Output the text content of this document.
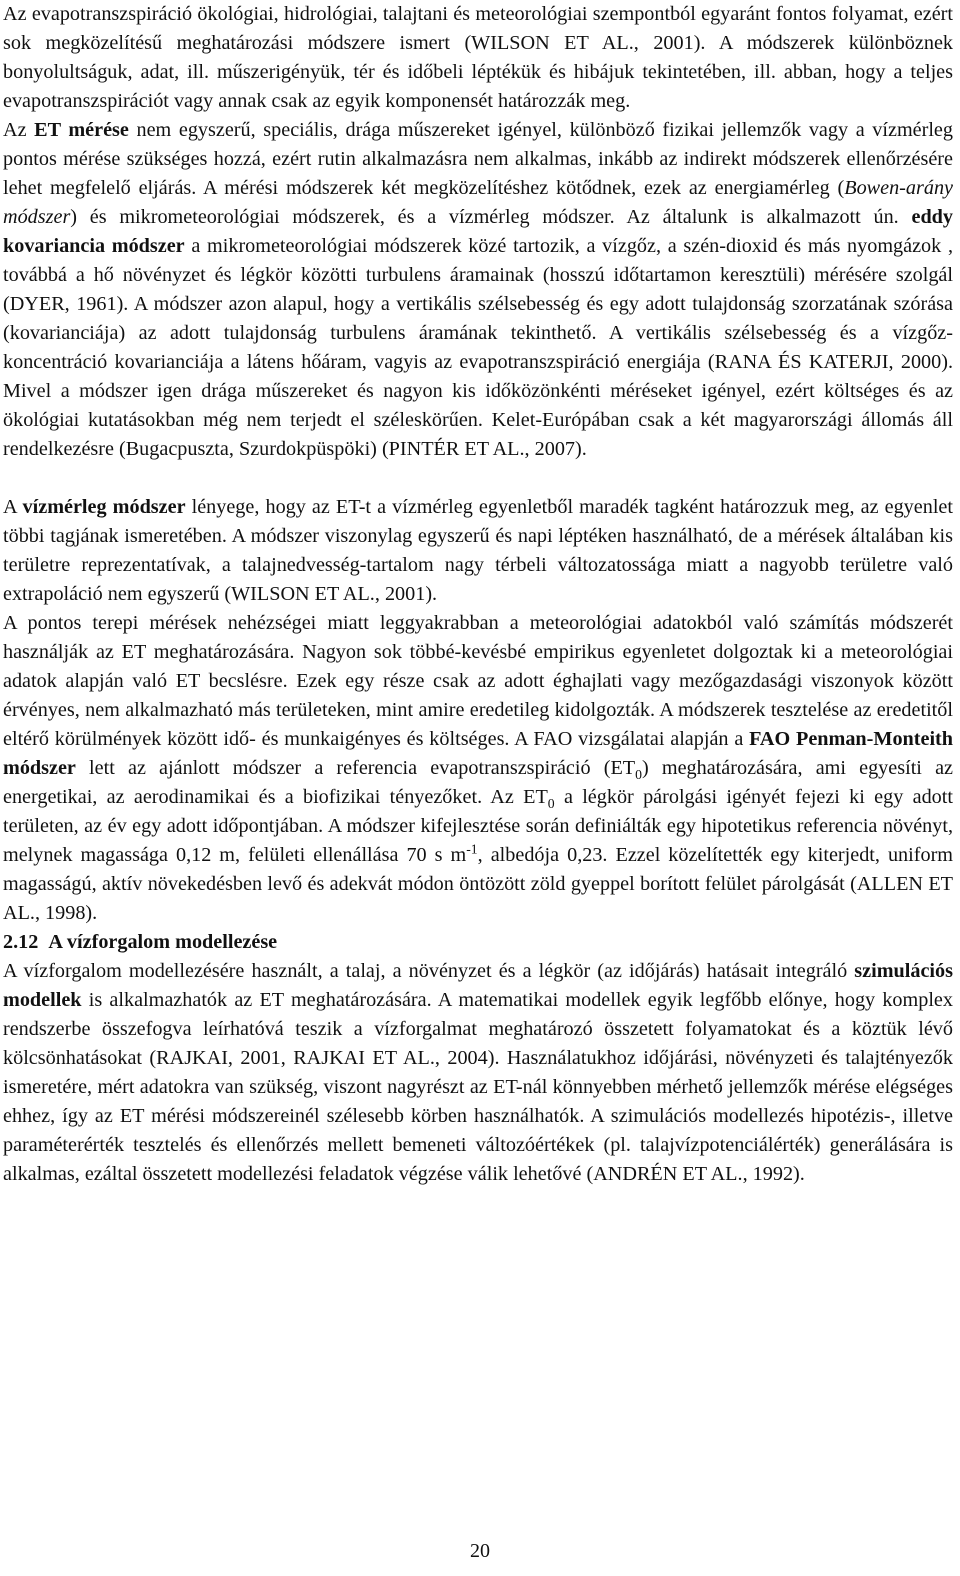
Az evapotranszspiráció ökológiai, hidrológiai, talajtani és meteorológiai szempontból egyaránt fontos folyamat, ezért sok megközelítésű meghatározási módszere ismert (WILSON ET AL., 2001). A módszerek különböznek bonyolultságuk, adat, ill. műszerigényük, tér és időbeli léptékük és hibájuk tekintetében, ill. abban, hogy a teljes evapotranszspirációt vagy annak csak az egyik komponensét határozzák meg.

Az ET mérése nem egyszerű, speciális, drága műszereket igényel, különböző fizikai jellemzők vagy a vízmérleg pontos mérése szükséges hozzá, ezért rutin alkalmazásra nem alkalmas, inkább az indirekt módszerek ellenőrzésére lehet megfelelő eljárás. A mérési módszerek két megközelítéshez kötődnek, ezek az energiamérleg (Bowen-arány módszer) és mikrometeorológiai módszerek, és a vízmérleg módszer. Az általunk is alkalmazott ún. eddy kovariancia módszer a mikrometeorológiai módszerek közé tartozik, a vízgőz, a szén-dioxid és más nyomgázok , továbbá a hő növényzet és légkör közötti turbulens áramainak (hosszú időtartamon keresztüli) mérésére szolgál (DYER, 1961). A módszer azon alapul, hogy a vertikális szélsebesség és egy adott tulajdonság szorzatának szórása (kovarianciája) az adott tulajdonság turbulens áramának tekinthető. A vertikális szélsebesség és a vízgőz-koncentráció kovarianciája a látens hőáram, vagyis az evapotranszspiráció energiája (RANA ÉS KATERJI, 2000). Mivel a módszer igen drága műszereket és nagyon kis időközönkénti méréseket igényel, ezért költséges és az ökológiai kutatásokban még nem terjedt el széleskörűen. Kelet-Európában csak a két magyarországi állomás áll rendelkezésre (Bugacpuszta, Szurdokpüspöki) (PINTÉR ET AL., 2007).

A vízmérleg módszer lényege, hogy az ET-t a vízmérleg egyenletből maradék tagként határozzuk meg, az egyenlet többi tagjának ismeretében. A módszer viszonylag egyszerű és napi léptéken használható, de a mérések általában kis területre reprezentatívak, a talajnedvesség-tartalom nagy térbeli változatossága miatt a nagyobb területre való extrapoláció nem egyszerű (WILSON ET AL., 2001).

A pontos terepi mérések nehézségei miatt leggyakrabban a meteorológiai adatokból való számítás módszerét használják az ET meghatározására. Nagyon sok többé-kevésbé empirikus egyenletet dolgoztak ki a meteorológiai adatok alapján való ET becslésre. Ezek egy része csak az adott éghajlati vagy mezőgazdasági viszonyok között érvényes, nem alkalmazható más területeken, mint amire eredetileg kidolgozták. A módszerek tesztelése az eredetitől eltérő körülmények között idő- és munkaigényes és költséges. A FAO vizsgálatai alapján a FAO Penman-Monteith módszer lett az ajánlott módszer a referencia evapotranszspiráció $(ET_0)$ meghatározására, ami egyesíti az energetikai, az aerodinamikai és a biofizikai tényezőket. Az $ET_0$ a légkör párolgási igényét fejezi ki egy adott területen, az év egy adott időpontjában. A módszer kifejlesztése során definiálták egy hipotetikus referencia növényt, melynek magassága 0,12 m, felületi ellenállása 70 s $m^{-1}$, albedója 0,23. Ezzel közelítették egy kiterjedt, uniform magasságú, aktív növekedésben levő és adekvát módon öntözött zöld gyeppel borított felület párolgását (ALLEN ET AL., 1998).

2.12 A vízforgalom modellezése

A vízforgalom modellezésére használt, a talaj, a növényzet és a légkör (az időjárás) hatásait integráló szimulációs modellek is alkalmazhatók az ET meghatározására. A matematikai modellek egyik legfőbb előnye, hogy komplex rendszerbe összefogva leírhatóvá teszik a vízforgalmat meghatározó összetett folyamatokat és a köztük lévő kölcsönhatásokat (RAJKAI, 2001, RAJKAI ET AL., 2004). Használatukhoz időjárási, növényzeti és talajtényezők ismeretére, mért adatokra van szükség, viszont nagyrészt az ET-nál könnyebben mérhető jellemzők mérése elégséges ehhez, így az ET mérési módszereinél szélesebb körben használhatók. A szimulációs modellezés hipotézis-, illetve paraméterérték tesztelés és ellenőrzés mellett bemeneti változóértékek (pl. talajvízpotenciálérték) generálására is alkalmas, ezáltal összetett modellezési feladatok végzése válik lehetővé (ANDRÉN ET AL., 1992).

20
